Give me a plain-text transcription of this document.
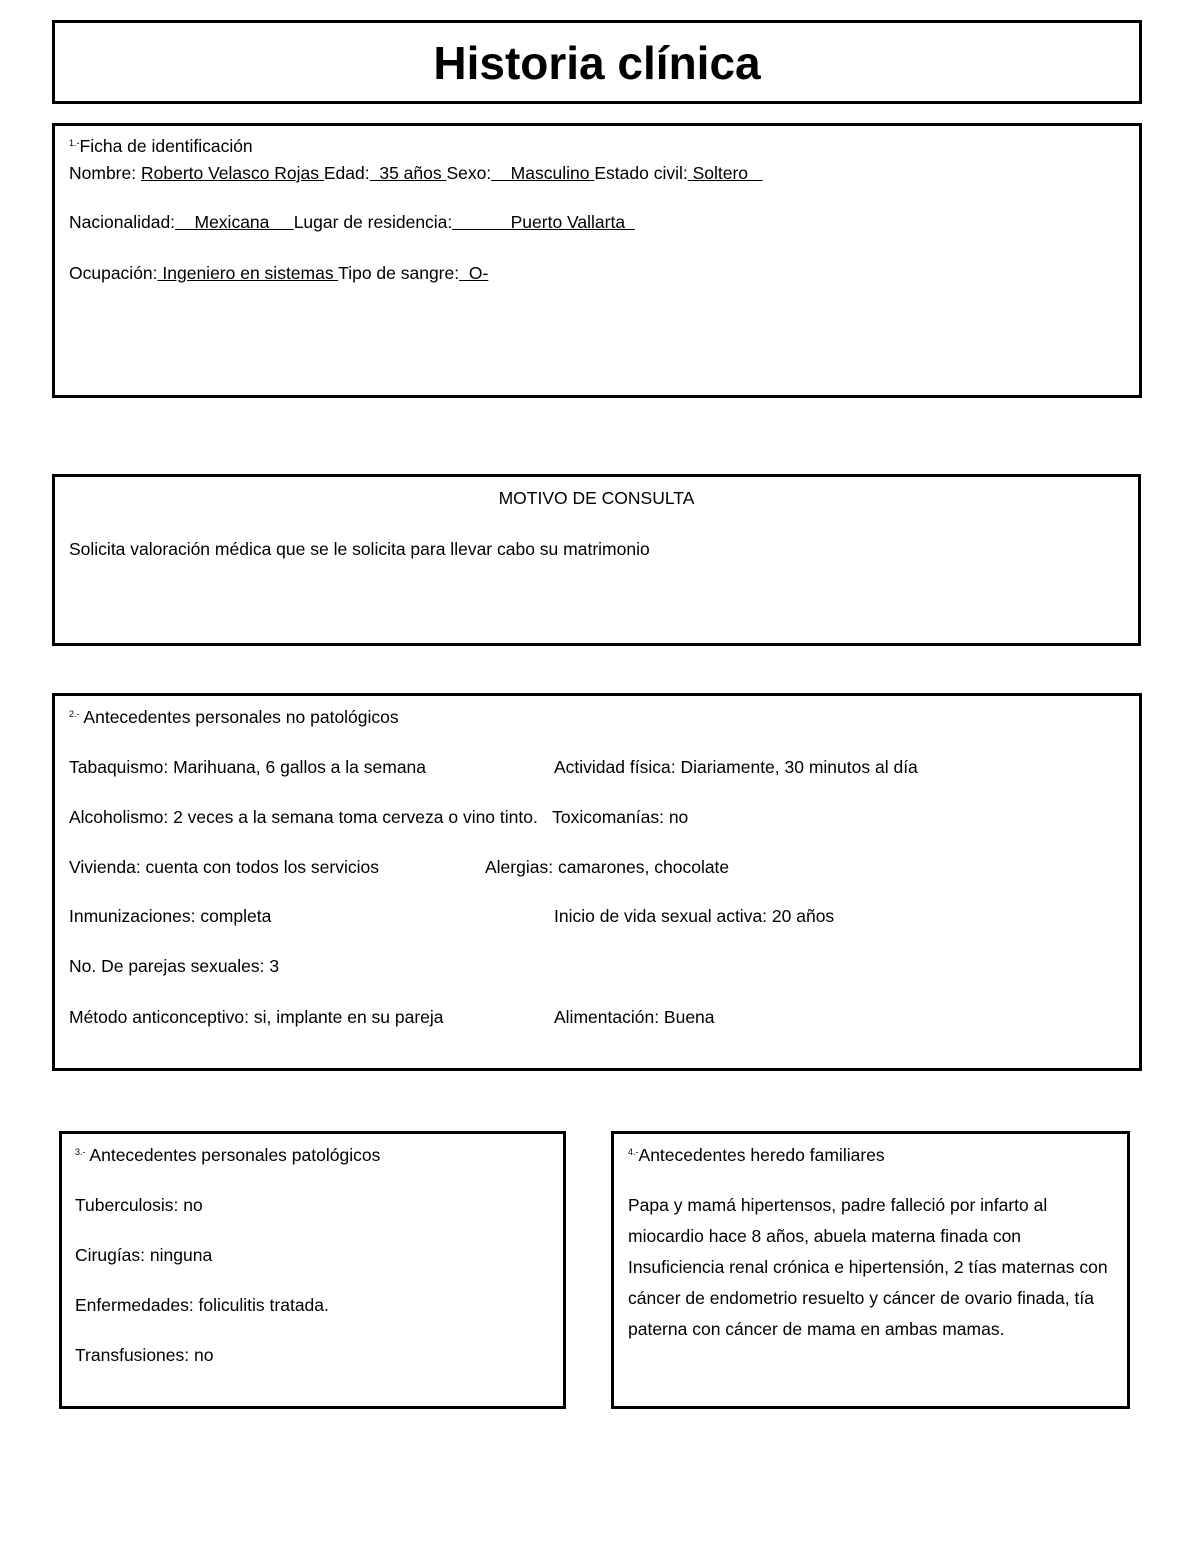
Historia clínica
$^{1.-}$Ficha de identificación
Nombre: Roberto Velasco Rojas Edad:  35 años Sexo:    Masculino Estado civil: Soltero
Nacionalidad:    Mexicana     Lugar de residencia:            Puerto Vallarta
Ocupación: Ingeniero en sistemas Tipo de sangre:  O-
MOTIVO DE CONSULTA
Solicita valoración médica que se le solicita para llevar cabo su matrimonio
$^{2.-}$ Antecedentes personales no patológicos
Tabaquismo: Marihuana, 6 gallos a la semana	Actividad física: Diariamente, 30 minutos al día
Alcoholismo: 2 veces a la semana toma cerveza o vino tinto.   Toxicomanías: no
Vivienda: cuenta con todos los servicios	Alergias: camarones, chocolate
Inmunizaciones: completa	Inicio de vida sexual activa: 20 años
No. De parejas sexuales: 3
Método anticonceptivo: si, implante en su pareja	Alimentación: Buena
$^{3.-}$ Antecedentes personales patológicos
Tuberculosis: no
Cirugías: ninguna
Enfermedades: foliculitis tratada.
Transfusiones: no
$^{4.-}$Antecedentes heredo familiares
Papa y mamá hipertensos, padre falleció por infarto al miocardio hace 8 años, abuela materna finada con Insuficiencia renal crónica e hipertensión, 2 tías maternas con cáncer de endometrio resuelto y cáncer de ovario finada, tía paterna con cáncer de mama en ambas mamas.
